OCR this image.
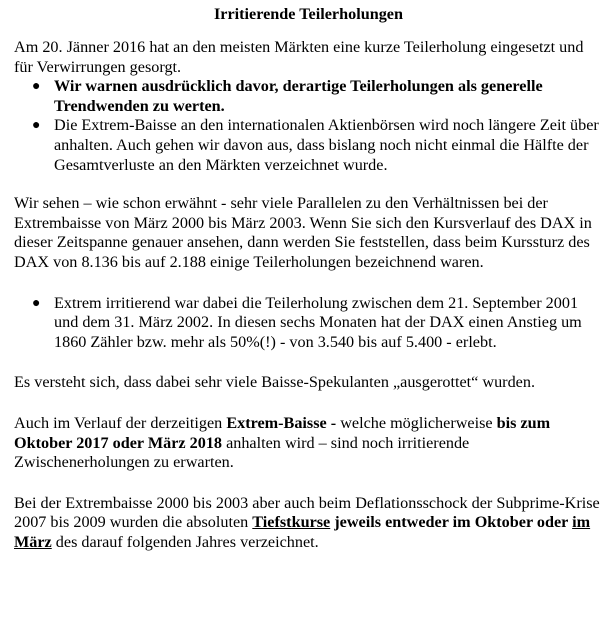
Irritierende Teilerholungen

Am 20. Jänner 2016 hat an den meisten Märkten eine kurze Teilerholung eingesetzt und für Verwirrungen gesorgt.

● Wir warnen ausdrücklich davor, derartige Teilerholungen als generelle Trendwenden zu werten.
● Die Extrem-Baisse an den internationalen Aktienbörsen wird noch längere Zeit über anhalten. Auch gehen wir davon aus, dass bislang noch nicht einmal die Hälfte der Gesamtverluste an den Märkten verzeichnet wurde.

Wir sehen – wie schon erwähnt - sehr viele Parallelen zu den Verhältnissen bei der Extrembaisse von März 2000 bis März 2003. Wenn Sie sich den Kursverlauf des DAX in dieser Zeitspanne genauer ansehen, dann werden Sie feststellen, dass beim Kurssturz des DAX von 8.136 bis auf 2.188 einige Teilerholungen bezeichnend waren.

● Extrem irritierend war dabei die Teilerholung zwischen dem 21. September 2001 und dem 31. März 2002. In diesen sechs Monaten hat der DAX einen Anstieg um 1860 Zähler bzw. mehr als 50%(!) - von 3.540 bis auf 5.400 - erlebt.

Es versteht sich, dass dabei sehr viele Baisse-Spekulanten „ausgerottet“ wurden.

Auch im Verlauf der derzeitigen Extrem-Baisse - welche möglicherweise bis zum Oktober 2017 oder März 2018 anhalten wird – sind noch irritierende Zwischenerholungen zu erwarten.

Bei der Extrembaisse 2000 bis 2003 aber auch beim Deflationsschock der Subprime-Krise 2007 bis 2009 wurden die absoluten Tiefstkurse jeweils entweder im Oktober oder im März des darauf folgenden Jahres verzeichnet.
